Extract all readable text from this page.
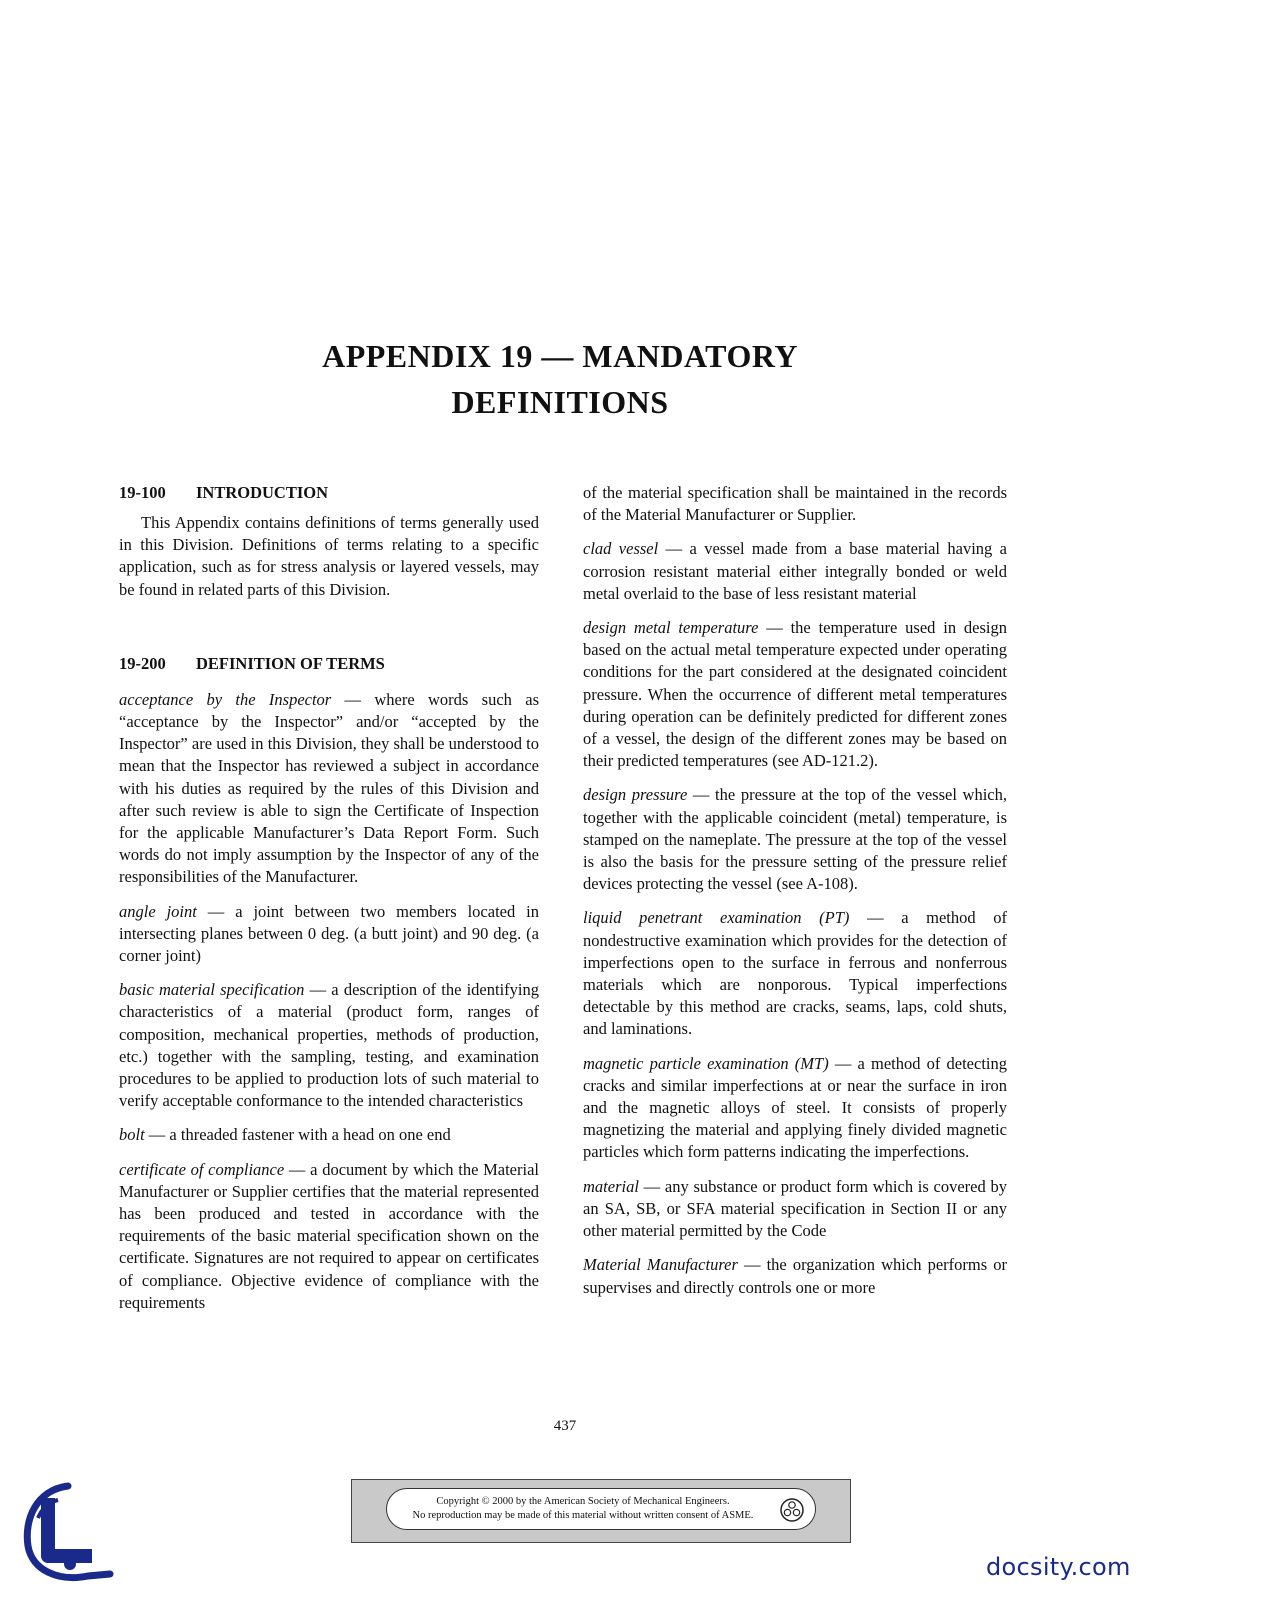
APPENDIX 19 — MANDATORY
DEFINITIONS
19-100 INTRODUCTION

This Appendix contains definitions of terms generally used in this Division. Definitions of terms relating to a specific application, such as for stress analysis or layered vessels, may be found in related parts of this Division.

19-200 DEFINITION OF TERMS

acceptance by the Inspector — where words such as “acceptance by the Inspector” and/or “accepted by the Inspector” are used in this Division, they shall be understood to mean that the Inspector has reviewed a subject in accordance with his duties as required by the rules of this Division and after such review is able to sign the Certificate of Inspection for the applicable Manufacturer’s Data Report Form. Such words do not imply assumption by the Inspector of any of the responsibilities of the Manufacturer.

angle joint — a joint between two members located in intersecting planes between 0 deg. (a butt joint) and 90 deg. (a corner joint)

basic material specification — a description of the identifying characteristics of a material (product form, ranges of composition, mechanical properties, methods of production, etc.) together with the sampling, testing, and examination procedures to be applied to production lots of such material to verify acceptable conformance to the intended characteristics

bolt — a threaded fastener with a head on one end

certificate of compliance — a document by which the Material Manufacturer or Supplier certifies that the material represented has been produced and tested in accordance with the requirements of the basic material specification shown on the certificate. Signatures are not required to appear on certificates of compliance. Objective evidence of compliance with the requirements

of the material specification shall be maintained in the records of the Material Manufacturer or Supplier.

clad vessel — a vessel made from a base material having a corrosion resistant material either integrally bonded or weld metal overlaid to the base of less resistant material

design metal temperature — the temperature used in design based on the actual metal temperature expected under operating conditions for the part considered at the designated coincident pressure. When the occurrence of different metal temperatures during operation can be definitely predicted for different zones of a vessel, the design of the different zones may be based on their predicted temperatures (see AD-121.2).

design pressure — the pressure at the top of the vessel which, together with the applicable coincident (metal) temperature, is stamped on the nameplate. The pressure at the top of the vessel is also the basis for the pressure setting of the pressure relief devices protecting the vessel (see A-108).

liquid penetrant examination (PT) — a method of nondestructive examination which provides for the detection of imperfections open to the surface in ferrous and nonferrous materials which are nonporous. Typical imperfections detectable by this method are cracks, seams, laps, cold shuts, and laminations.

magnetic particle examination (MT) — a method of detecting cracks and similar imperfections at or near the surface in iron and the magnetic alloys of steel. It consists of properly magnetizing the material and applying finely divided magnetic particles which form patterns indicating the imperfections.

material — any substance or product form which is covered by an SA, SB, or SFA material specification in Section II or any other material permitted by the Code

Material Manufacturer — the organization which performs or supervises and directly controls one or more

437
Copyright © 2000 by the American Society of Mechanical Engineers.
No reproduction may be made of this material without written consent of ASME.
docsity.com
